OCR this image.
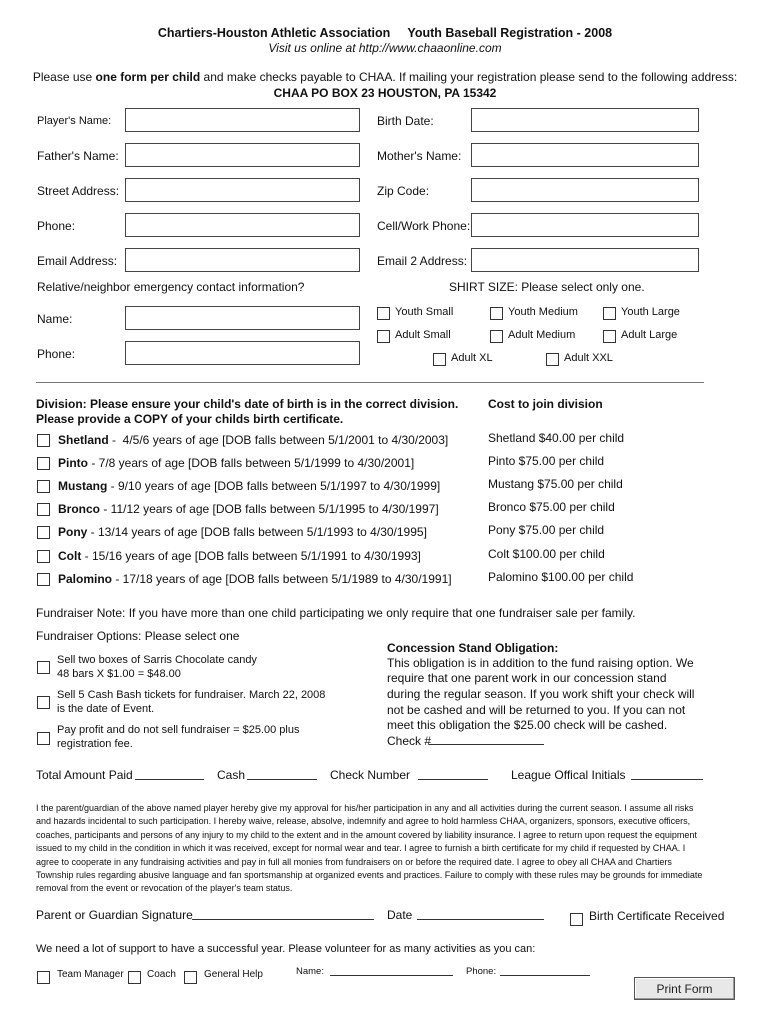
Chartiers-Houston Athletic Association     Youth Baseball Registration - 2008
Visit us online at http://www.chaaonline.com
Please use one form per child and make checks payable to CHAA. If mailing your registration please send to the following address:
CHAA PO BOX 23 HOUSTON, PA 15342
Player's Name:	Birth Date:
Father's Name:	Mother's Name:
Street Address:	Zip Code:
Phone:	Cell/Work Phone:
Email Address:	Email 2 Address:
Relative/neighbor emergency contact information?
Name:
Phone:
SHIRT SIZE: Please select only one.
Youth Small	Youth Medium	Youth Large
Adult Small	Adult Medium	Adult Large
Adult XL	Adult XXL
Division: Please ensure your child's date of birth is in the correct division.
Please provide a COPY of your childs birth certificate.
Cost to join division
Shetland -  4/5/6 years of age [DOB falls between 5/1/2001 to 4/30/2003]	Shetland $40.00 per child
Pinto - 7/8 years of age [DOB falls between 5/1/1999 to 4/30/2001]	Pinto $75.00 per child
Mustang - 9/10 years of age [DOB falls between 5/1/1997 to 4/30/1999]	Mustang $75.00 per child
Bronco - 11/12 years of age [DOB falls between 5/1/1995 to 4/30/1997]	Bronco $75.00 per child
Pony - 13/14 years of age [DOB falls between 5/1/1993 to 4/30/1995]	Pony $75.00 per child
Colt - 15/16 years of age [DOB falls between 5/1/1991 to 4/30/1993]	Colt $100.00 per child
Palomino - 17/18 years of age [DOB falls between 5/1/1989 to 4/30/1991]	Palomino $100.00 per child
Fundraiser Note: If you have more than one child participating we only require that one fundraiser sale per family.
Fundraiser Options: Please select one
Sell two boxes of Sarris Chocolate candy
48 bars X $1.00 = $48.00
Sell 5 Cash Bash tickets for fundraiser. March 22, 2008
is the date of Event.
Pay profit and do not sell fundraiser = $25.00 plus
registration fee.
Concession Stand Obligation:
This obligation is in addition to the fund raising option. We
require that one parent work in our concession stand
during the regular season. If you work shift your check will
not be cashed and will be returned to you. If you can not
meet this obligation the $25.00 check will be cashed.
Check #
Total Amount Paid	Cash	Check Number	League Offical Initials
I the parent/guardian of the above named player hereby give my approval for his/her participation in any and all activities during the current season. I assume all risks and hazards incidental to such participation. I hereby waive, release, absolve, indemnify and agree to hold harmless CHAA, organizers, sponsors, executive officers, coaches, participants and persons of any injury to my child to the extent and in the amount covered by liability insurance. I agree to return upon request the equipment issued to my child in the condition in which it was received, except for normal wear and tear. I agree to furnish a birth certificate for my child if requested by CHAA. I agree to cooperate in any fundraising activities and pay in full all monies from fundraisers on or before the required date. I agree to obey all CHAA and Chartiers Township rules regarding abusive language and fan sportsmanship at organized events and practices. Failure to comply with these rules may be grounds for immediate removal from the event or revocation of the player's team status.
Parent or Guardian Signature	Date	Birth Certificate Received
We need a lot of support to have a successful year. Please volunteer for as many activities as you can:
Team Manager Coach	General Help	Name:	Phone:
Print Form
